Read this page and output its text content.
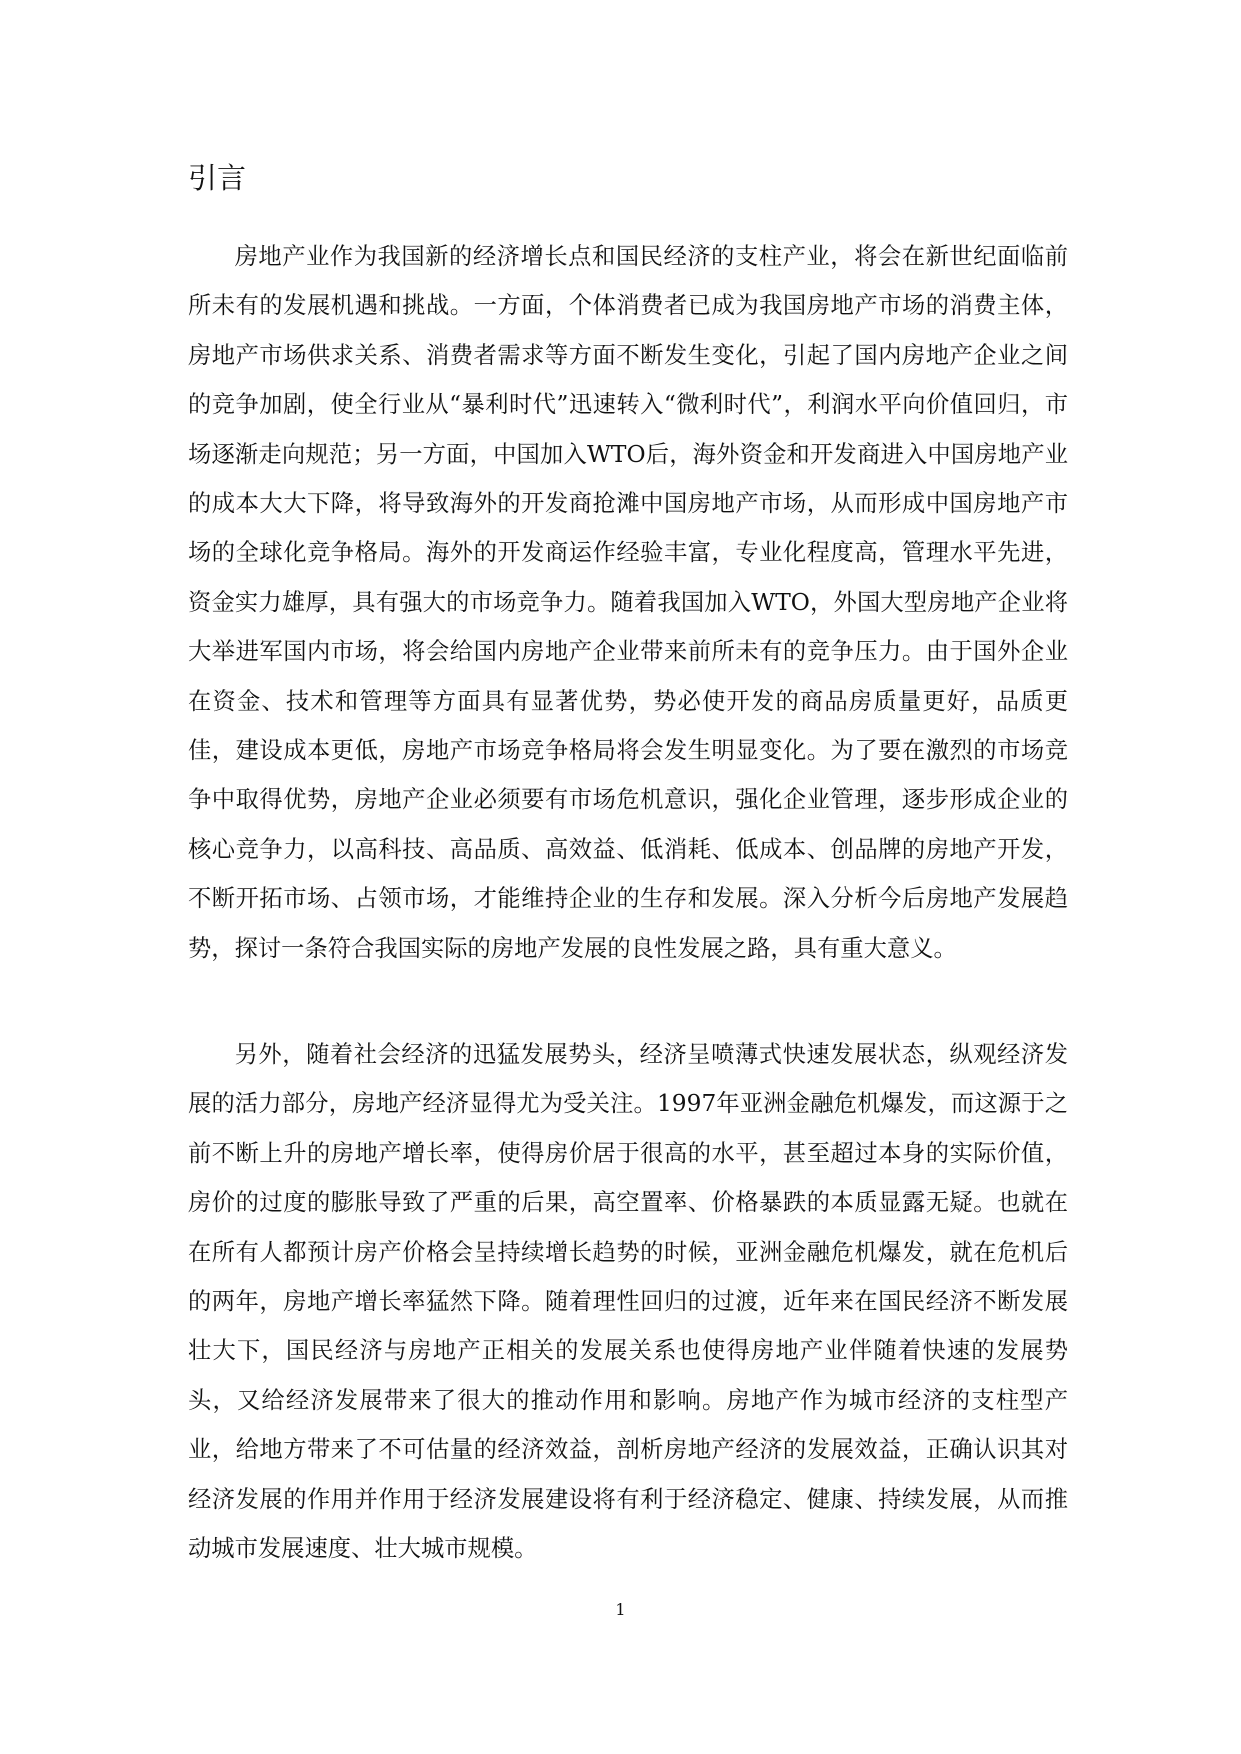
引言

房地产业作为我国新的经济增长点和国民经济的支柱产业，将会在新世纪面临前所未有的发展机遇和挑战。一方面，个体消费者已成为我国房地产市场的消费主体，房地产市场供求关系、消费者需求等方面不断发生变化，引起了国内房地产企业之间的竞争加剧，使全行业从“暴利时代”迅速转入“微利时代”，利润水平向价值回归，市场逐渐走向规范；另一方面，中国加入WTO后，海外资金和开发商进入中国房地产业的成本大大下降，将导致海外的开发商抢滩中国房地产市场，从而形成中国房地产市场的全球化竞争格局。海外的开发商运作经验丰富，专业化程度高，管理水平先进，资金实力雄厚，具有强大的市场竞争力。随着我国加入WTO，外国大型房地产企业将大举进军国内市场，将会给国内房地产企业带来前所未有的竞争压力。由于国外企业在资金、技术和管理等方面具有显著优势，势必使开发的商品房质量更好，品质更佳，建设成本更低，房地产市场竞争格局将会发生明显变化。为了要在激烈的市场竞争中取得优势，房地产企业必须要有市场危机意识，强化企业管理，逐步形成企业的核心竞争力，以高科技、高品质、高效益、低消耗、低成本、创品牌的房地产开发，不断开拓市场、占领市场，才能维持企业的生存和发展。深入分析今后房地产发展趋势，探讨一条符合我国实际的房地产发展的良性发展之路，具有重大意义。

另外，随着社会经济的迅猛发展势头，经济呈喷薄式快速发展状态，纵观经济发展的活力部分，房地产经济显得尤为受关注。1997年亚洲金融危机爆发，而这源于之前不断上升的房地产增长率，使得房价居于很高的水平，甚至超过本身的实际价值，房价的过度的膨胀导致了严重的后果，高空置率、价格暴跌的本质显露无疑。也就在在所有人都预计房产价格会呈持续增长趋势的时候，亚洲金融危机爆发，就在危机后的两年，房地产增长率猛然下降。随着理性回归的过渡，近年来在国民经济不断发展壮大下，国民经济与房地产正相关的发展关系也使得房地产业伴随着快速的发展势头，又给经济发展带来了很大的推动作用和影响。房地产作为城市经济的支柱型产业，给地方带来了不可估量的经济效益，剖析房地产经济的发展效益，正确认识其对经济发展的作用并作用于经济发展建设将有利于经济稳定、健康、持续发展，从而推动城市发展速度、壮大城市规模。

1
